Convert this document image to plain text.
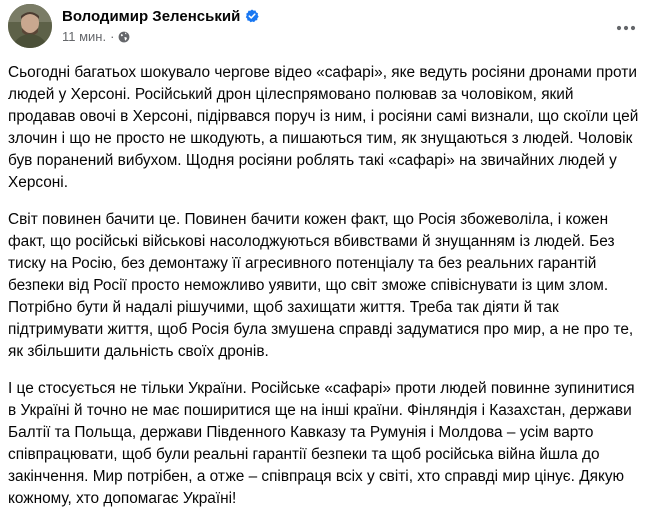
Володимир Зеленський
11 мин. ·

Сьогодні багатьох шокувало чергове відео «сафарі», яке ведуть росіяни дронами проти людей у Херсоні. Російський дрон цілеспрямовано полював за чоловіком, який продавав овочі в Херсоні, підірвався поруч із ним, і росіяни самі визнали, що скоїли цей злочин і що не просто не шкодують, а пишаються тим, як знущаються з людей. Чоловік був поранений вибухом. Щодня росіяни роблять такі «сафарі» на звичайних людей у Херсоні.

Світ повинен бачити це. Повинен бачити кожен факт, що Росія збожеволіла, і кожен факт, що російські військові насолоджуються вбивствами й знущанням із людей. Без тиску на Росію, без демонтажу її агресивного потенціалу та без реальних гарантій безпеки від Росії просто неможливо уявити, що світ зможе співіснувати із цим злом. Потрібно бути й надалі рішучими, щоб захищати життя. Треба так діяти й так підтримувати життя, щоб Росія була змушена справді задуматися про мир, а не про те, як збільшити дальність своїх дронів.

І це стосується не тільки України. Російське «сафарі» проти людей повинне зупинитися в Україні й точно не має поширитися ще на інші країни. Фінляндія і Казахстан, держави Балтії та Польща, держави Південного Кавказу та Румунія і Молдова – усім варто співпрацювати, щоб були реальні гарантії безпеки та щоб російська війна йшла до закінчення. Мир потрібен, а отже – співпраця всіх у світі, хто справді мир цінує. Дякую кожному, хто допомагає Україні!
